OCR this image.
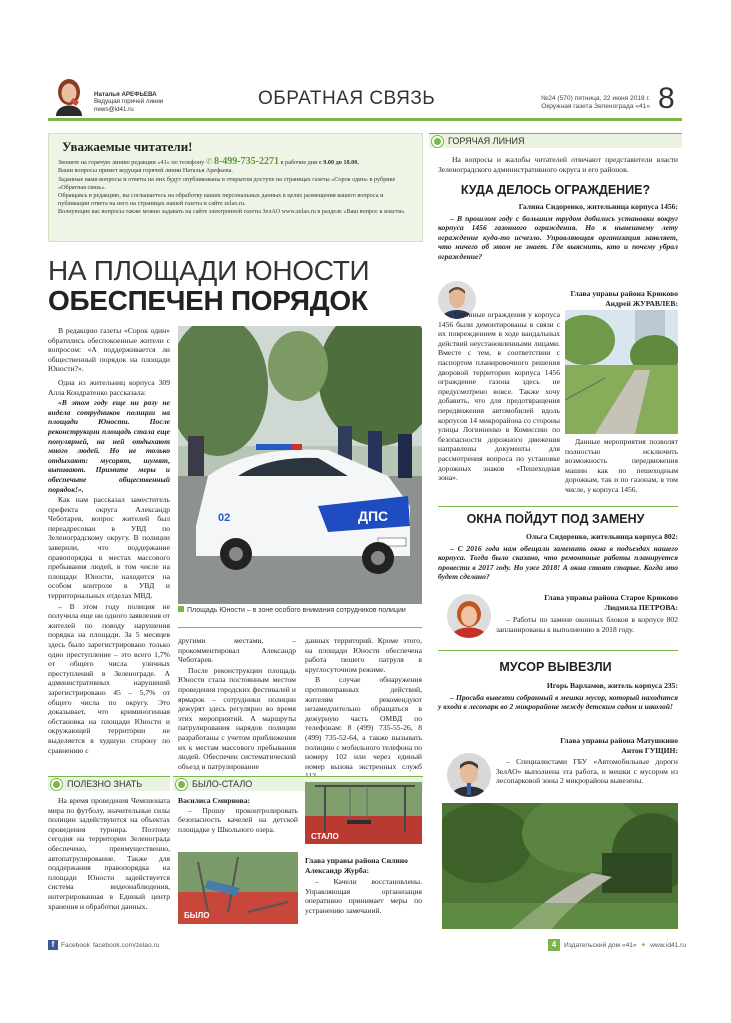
Наталья АРЕФЬЕВА
Ведущая горячей линии
news@id41.ru
ОБРАТНАЯ СВЯЗЬ	№24 (570) пятница, 22 июня 2018 г.
Окружная газета Зеленограда «41» 8
Уважаемые читатели!
Звоните на горячую линию редакции «41» по телефону ✆ 8-499-735-2271 в рабочие дни с 9.00 до 18.00.
Ваши вопросы примет ведущая горячей линии Наталья Арефьева.
Заданные вами вопросы и ответы на них будут опубликованы в открытом доступе на страницах газеты «Сорок один» в рубрике «Обратная связь».
Обращаясь в редакцию, вы соглашаетесь на обработку ваших персональных данных в целях размещения вашего вопроса и публикации ответа на него на страницах нашей газеты и сайте zelao.ru.
Волнующие вас вопросы также можно задавать на сайте электронной газеты ЗелАО www.zelao.ru в разделе «Ваш вопрос к власти»
НА ПЛОЩАДИ ЮНОСТИ
ОБЕСПЕЧЕН ПОРЯДОК

В редакцию газеты «Сорок один» обратились обеспокоенные жители с вопросом: «А поддерживается ли общественный порядок на площади Юности?».

Одна из жительниц корпуса 309 Алла Кондратенко рассказала:

«В этом году еще ни разу не видела сотрудников полиции на площади Юности. После реконструкции площадь стала еще популярней, на ней отдыхают много людей. Но не только отдыхают: мусорят, шумят, выпивают. Примите меры и обеспечьте общественный порядок!».

Как нам рассказал заместитель префекта округа Александр Чеботарев, вопрос жителей был переадресован в УВД по Зеленоградскому округу. В полиции заверили, что поддержание правопорядка в местах массового пребывания людей, в том числе на площади Юности, находится на особом контроле в УВД и территориальных отделах МВД.

– В этом году полиция не получила еще ни одного заявления от жителей по поводу нарушения порядка на площади. За 5 месяцев здесь было зарегистрировано только одно преступление – это всего 1,7% от общего числа уличных преступлений в Зеленограде. А административных нарушений зарегистрировано 45 – 5,7% от общего числа по округу. Это доказывает, что криминогенная обстановка на площади Юности и окружающей территории не выделяется в худшую сторону по сравнению с

ДПС
02
Площадь Юности – в зоне особого внимания сотрудников полиции

другими местами, – прокомментировал Александр Чеботарев.

После реконструкции площадь Юности стала постоянным местом проведения городских фестивалей и ярмарок – сотрудники полиции дежурят здесь регулярно во время этих мероприятий. А маршруты патрулирования нарядов полиции разработаны с учетом приближения их к местам массового пребывания людей. Обеспечен систематический объезд и патрулирование

данных территорий. Кроме этого, на площади Юности обеспечена работа пешего патруля в круглосуточном режиме.

В случае обнаружения противоправных действий, жителям рекомендуют незамедлительно обращаться в дежурную часть ОМВД по телефонам: 8 (499) 735-55-26, 8 (499) 735-52-64, а также вызывать полицию с мобильного телефона по номеру 102 или через единый номер вызова экстренных служб

ПОЛЕЗНО ЗНАТЬ
На время проведения Чемпионата мира по футболу, значительные силы полиции задействуются на объектах проведения турнира. Поэтому сегодня на территории Зеленограда обеспечено, преимущественно, автопатрулирование. Также для поддержания правопорядка на площади Юности задействуется система видеонаблюдения, интегрированная в Единый центр хранения и обработки данных.
БЫЛО-СТАЛО
Василиса Смирнова:
– Прошу проконтролировать безопасность качелей на детской площадке у Школьного озера.
БЫЛО
СТАЛО
Глава управы района Силино Александр Журба:
– Качели восстановлены. Управляющая организация оперативно принимает меры по устранению замечаний.
ГОРЯЧАЯ ЛИНИЯ
На вопросы и жалобы читателей отвечают представители власти Зеленоградского административного округа и его районов.
КУДА ДЕЛОСЬ ОГРАЖДЕНИЕ?
Галина Сидоренко, жительница корпуса 1456:
– В прошлом году с большим трудом добились установки вокруг корпуса 1456 газонного ограждения. Но к нынешнему лету ограждение куда-то исчезло. Управляющая организация заявляет, что ничего об этом не знает. Где выяснить, кто и почему убрал ограждение?
Глава управы района Крюково
Андрей ЖУРАВЛЕВ:
– Газонные ограждения у корпуса 1456 были демонтированы в связи с их повреждением в ходе вандальных действий неустановленными лицами. Вместе с тем, в соответствии с паспортом планировочного решения дворовой территории корпуса 1456 ограждение газона здесь не предусмотрено вовсе. Также хочу добавить, что для предотвращения передвижения автомобилей вдоль корпусов 14 микрорайона со стороны улицы Логвиненко в Комиссию по безопасности дорожного движения направлены документы для рассмотрения вопроса по установке дорожных знаков «Пешеходная зона».
Данные мероприятия позволят полностью исключить возможность передвижения машин как по пешеходным дорожкам, так и по газонам, в том числе, у корпуса 1456.
ОКНА ПОЙДУТ ПОД ЗАМЕНУ
Ольга Сидоренко, жительница корпуса 802:
– С 2016 года нам обещали заменить окна в подъездах нашего корпуса. Тогда было сказано, что ремонтные работы планируется провести в 2017 году. Но уже 2018! А окна стоят старые. Когда это будет сделано?
Глава управы района Старое Крюково
Людмила ПЕТРОВА:
– Работы по замене оконных блоков в корпусе 802 запланированы к выполнению в 2018 году.
МУСОР ВЫВЕЗЛИ
Игорь Варламов, житель корпуса 235:
– Просьба вывезти собранный в мешки мусор, который находится у входа в лесопарк во 2 микрорайоне между детским садом и школой!
Глава управы района Матушкино
Антон ГУЩИН:
– Специалистами ГБУ «Автомобильные дороги ЗелАО» выполнена эта работа, и мешки с мусором из лесопарковой зоны 2 микрорайона вывезены.
f	Facebook facebook.com/zelao.ru	4	Издательский дом «41» ✦ www.id41.ru
